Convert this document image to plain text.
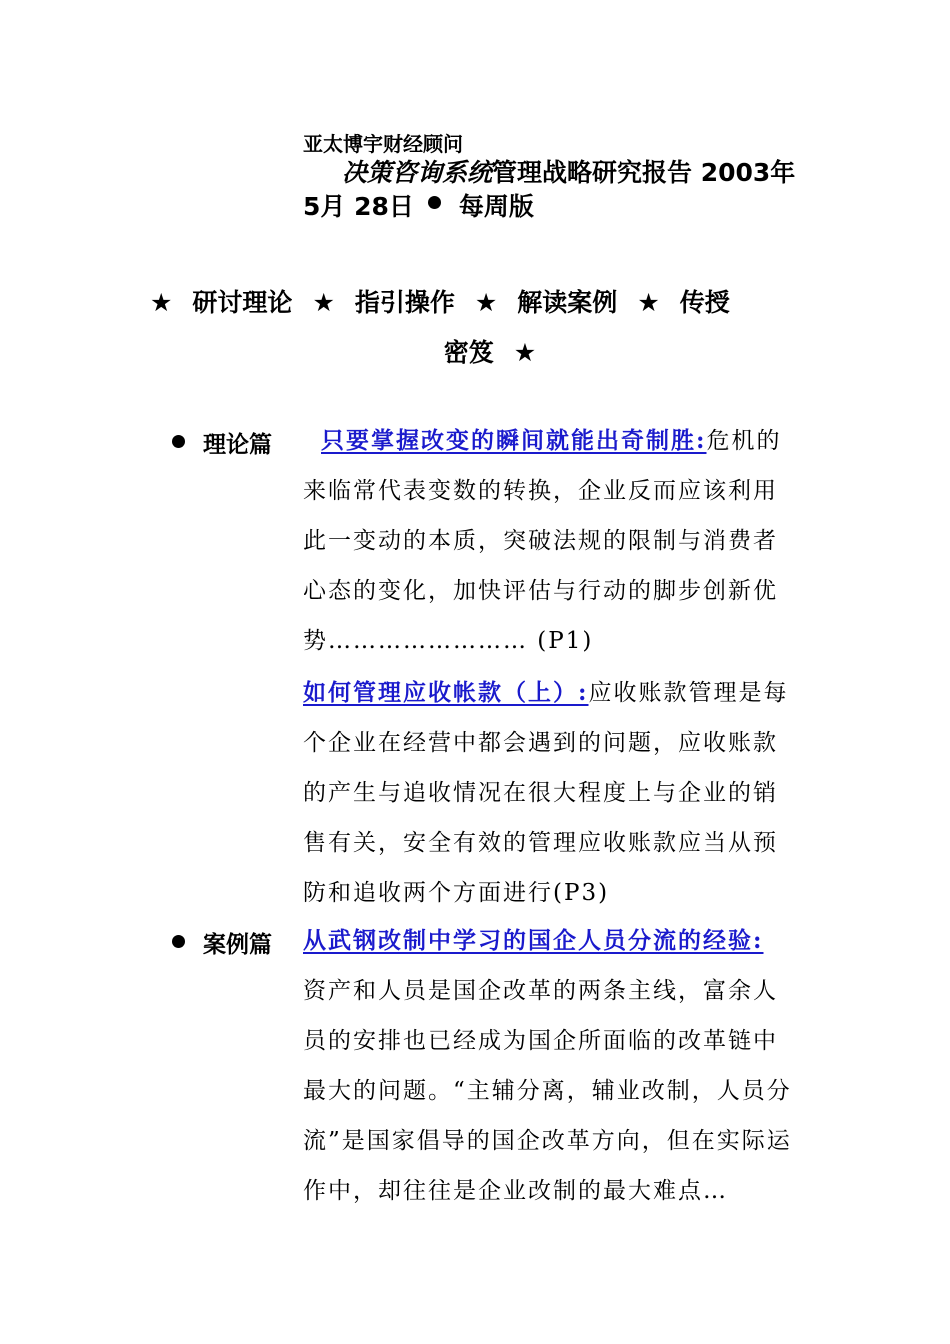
亚太博宇财经顾问
决策咨询系统管理战略研究报告 2003年
5月 28日 每周版
★ 研讨理论 ★ 指引操作 ★ 解读案例 ★ 传授
密笈 ★
理论篇	只要掌握改变的瞬间就能出奇制胜:危机的来临常代表变数的转换，企业反而应该利用此一变动的本质，突破法规的限制与消费者心态的变化，加快评估与行动的脚步创新优势…………………… (P1)
如何管理应收帐款（上）:应收账款管理是每个企业在经营中都会遇到的问题，应收账款的产生与追收情况在很大程度上与企业的销售有关，安全有效的管理应收账款应当从预防和追收两个方面进行(P3)
案例篇 从武钢改制中学习的国企人员分流的经验:
资产和人员是国企改革的两条主线，富余人员的安排也已经成为国企所面临的改革链中最大的问题。“主辅分离，辅业改制，人员分流”是国家倡导的国企改革方向，但在实际运作中，却往往是企业改制的最大难点…
